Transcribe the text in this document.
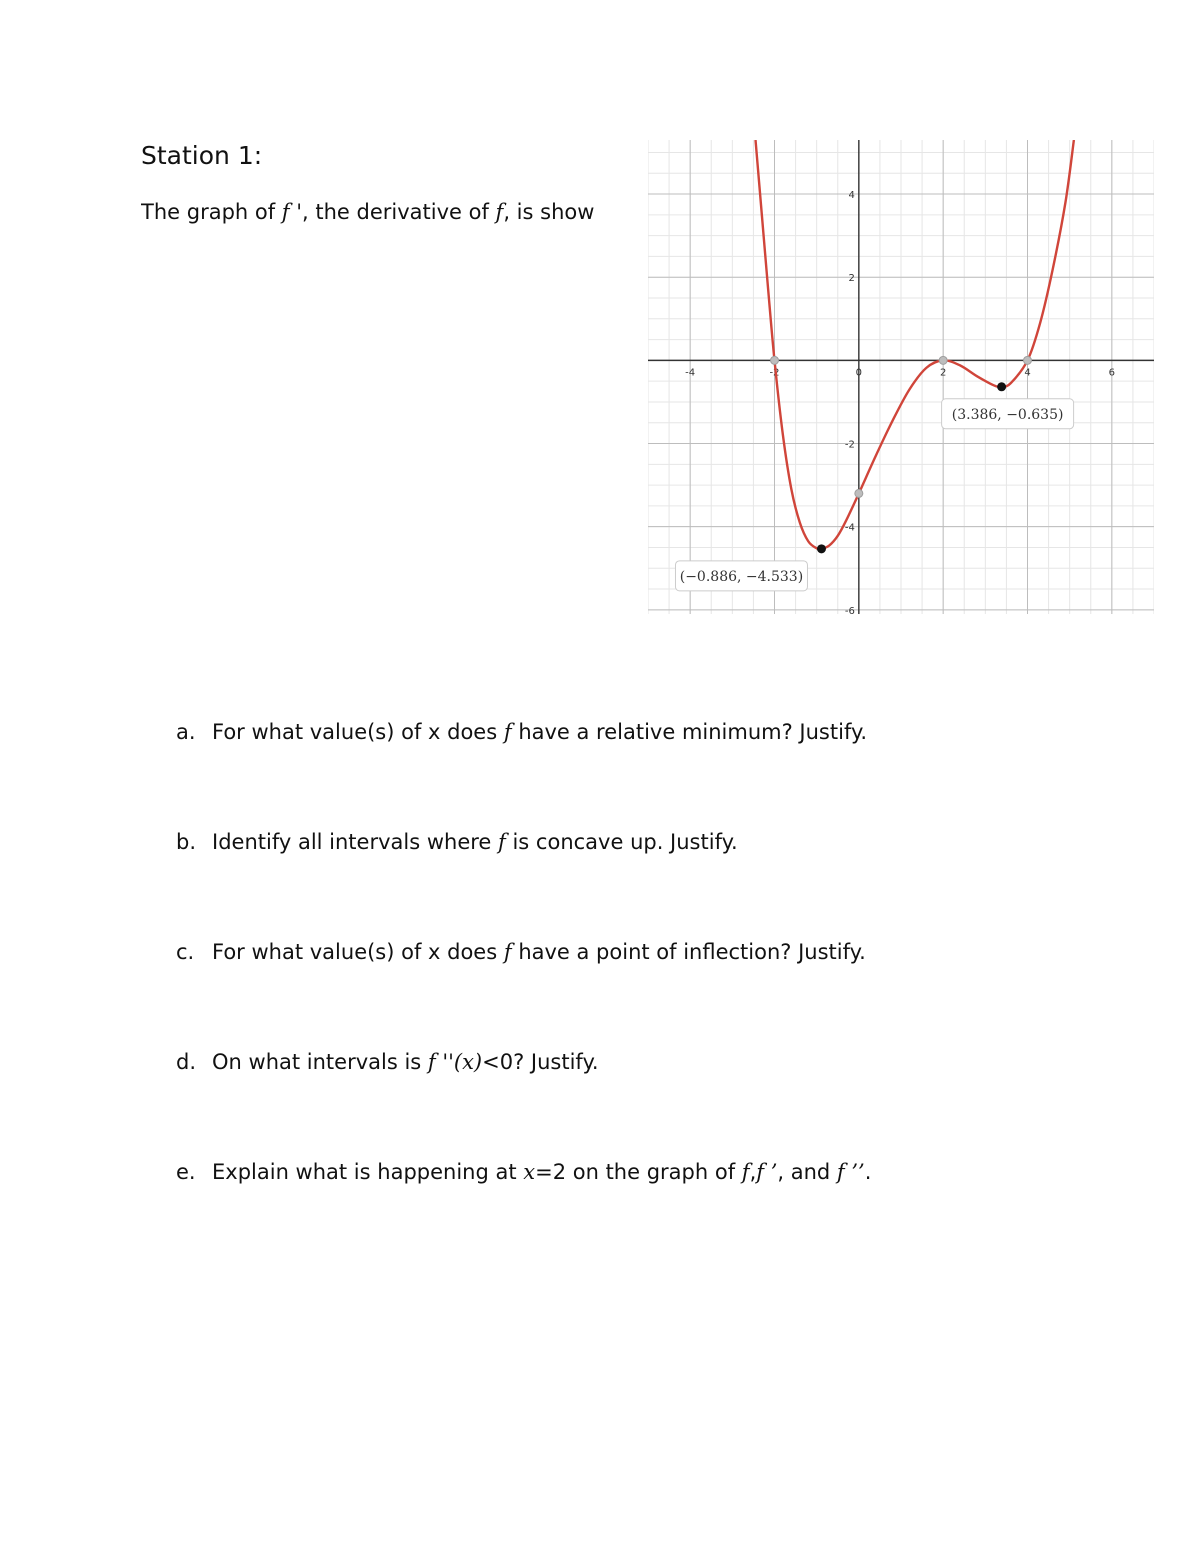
Station 1:

The graph of f ', the derivative of f, is show

-4	-2	0	2	4	6
4
2
-2
-4
-6
(−0.886, −4.533)
(3.386, −0.635)
a. For what value(s) of x does f have a relative minimum? Justify.
b. Identify all intervals where f is concave up. Justify.
c. For what value(s) of x does f have a point of inflection? Justify.
d. On what intervals is f ''(x)<0? Justify.
e. Explain what is happening at x=2 on the graph of f,f ’, and f ’’.
